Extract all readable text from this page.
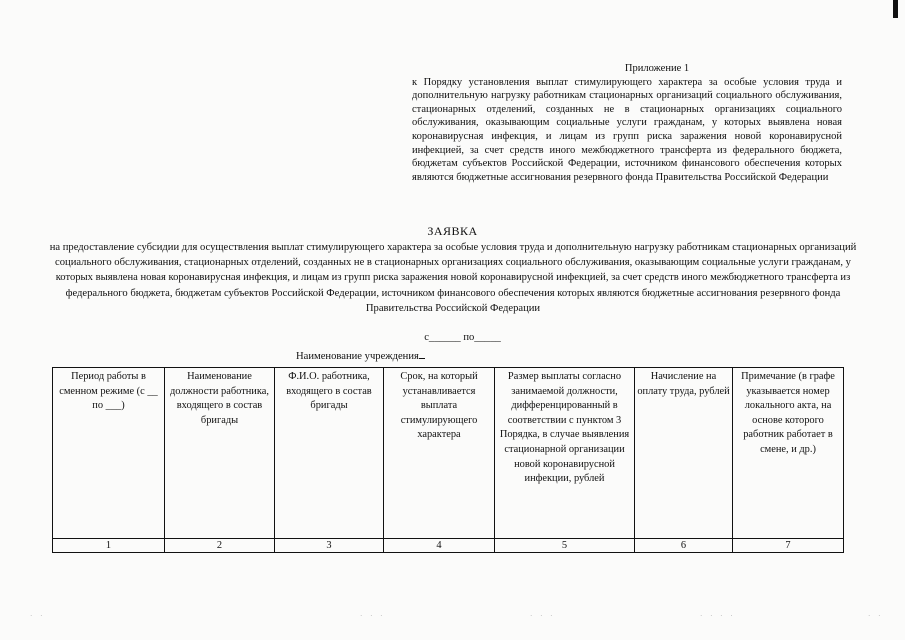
Приложение 1
к Порядку установления выплат стимулирующего характера за особые условия труда и дополнительную нагрузку работникам стационарных организаций социального обслуживания, стационарных отделений, созданных не в стационарных организациях социального обслуживания, оказывающим социальные услуги гражданам, у которых выявлена новая коронавирусная инфекция, и лицам из групп риска заражения новой коронавирусной инфекцией, за счет средств иного межбюджетного трансферта из федерального бюджета, бюджетам субъектов Российской Федерации, источником финансового обеспечения которых являются бюджетные ассигнования резервного фонда Правительства Российской Федерации
ЗАЯВКА
на предоставление субсидии для осуществления выплат стимулирующего характера за особые условия труда и дополнительную нагрузку работникам стационарных организаций социального обслуживания, стационарных отделений, созданных не в стационарных организациях социального обслуживания, оказывающим социальные услуги гражданам, у которых выявлена новая коронавирусная инфекция, и лицам из групп риска заражения новой коронавирусной инфекцией, за счет средств иного межбюджетного трансферта из федерального бюджета, бюджетам субъектов Российской Федерации, источником финансового обеспечения которых являются бюджетные ассигнования резервного фонда Правительства Российской Федерации
с______ по_____
Наименование учреждения
Период работы в сменном режиме (с __ по ___)	Наименование должности работника, входящего в состав бригады	Ф.И.О. работника, входящего в состав бригады	Срок, на который устанавливается выплата стимулирующего характера	Размер выплаты согласно занимаемой должности, дифференцированный в соответствии с пунктом 3 Порядка, в случае выявления стационарной организации новой коронавирусной инфекции, рублей	Начисление на оплату труда, рублей	Примечание (в графе указывается номер локального акта, на основе которого работник работает в смене, и др.)
1	2	3	4	5	6	7
· ·	· · ·	· · ·	· · · ·	· ·
